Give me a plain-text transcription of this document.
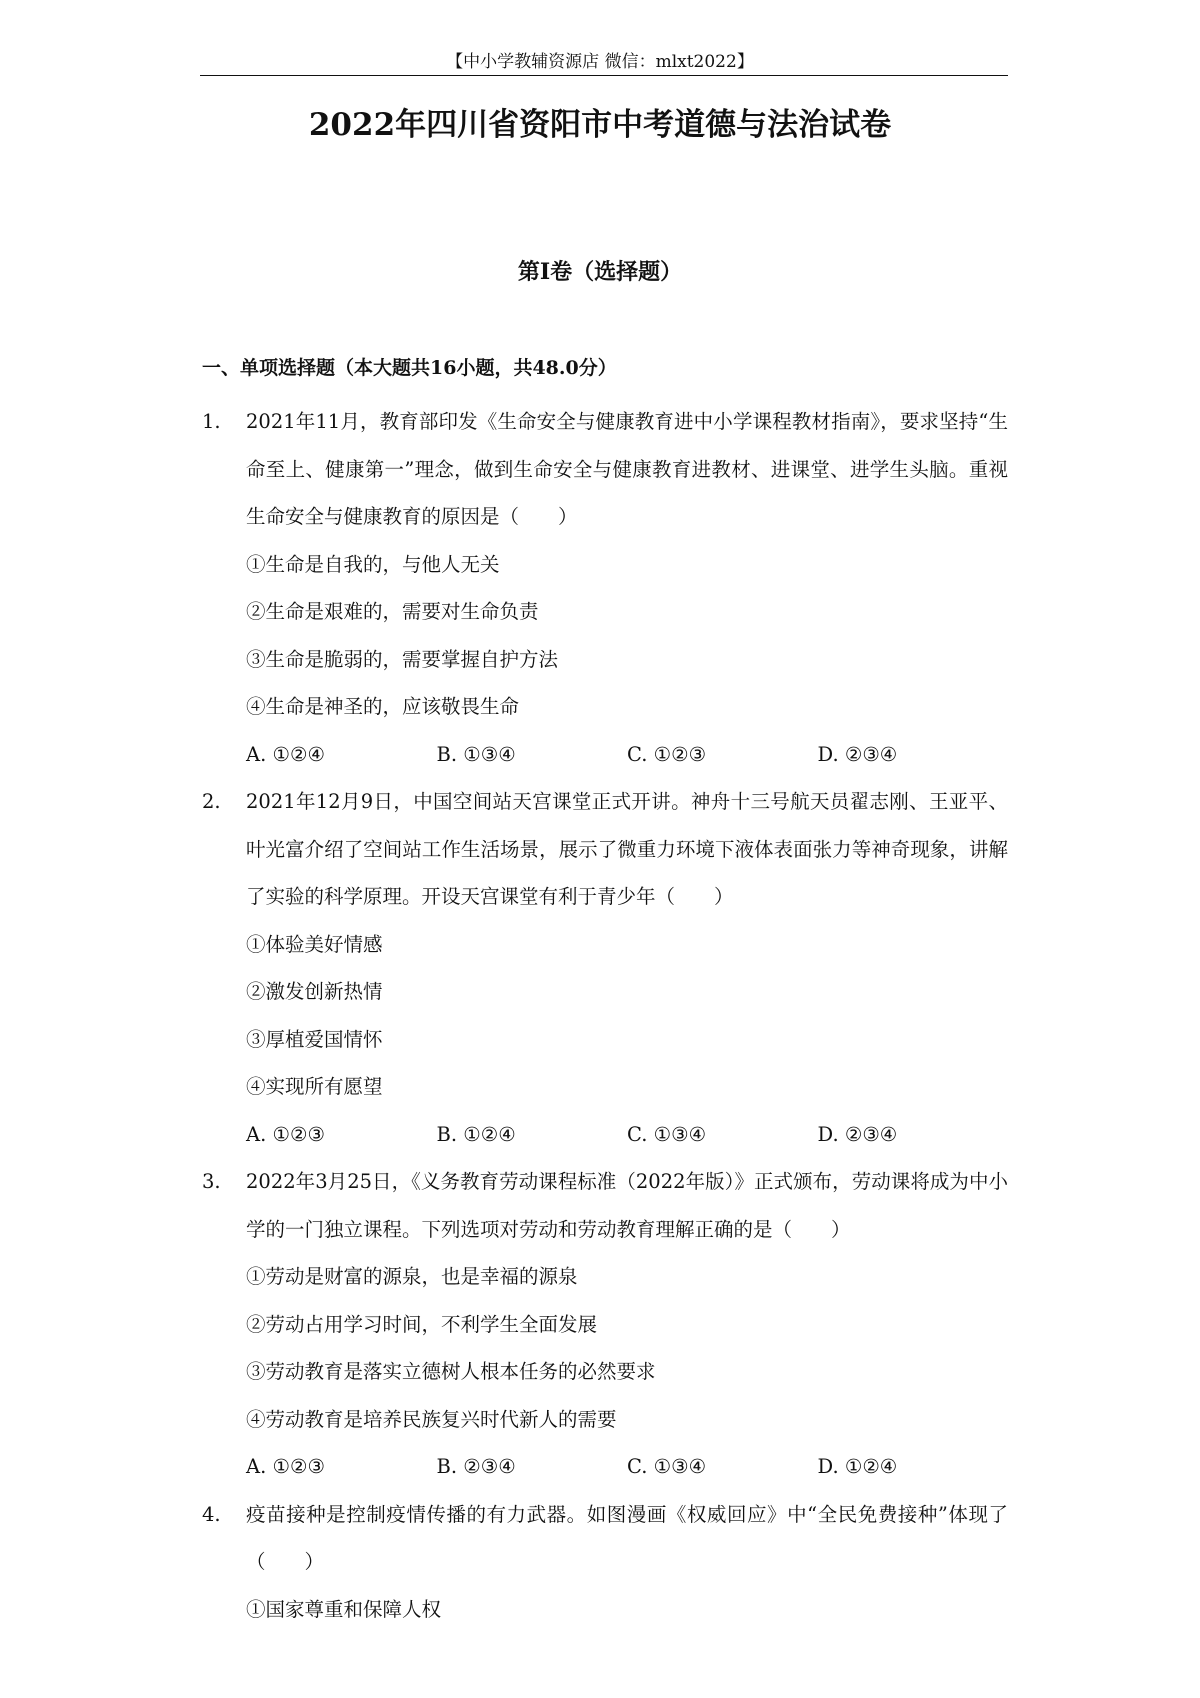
【中小学教辅资源店 微信：mlxt2022】
2022年四川省资阳市中考道德与法治试卷
第I卷（选择题）
一、单项选择题（本大题共16小题，共48.0分）
1. 2021年11月，教育部印发《生命安全与健康教育进中小学课程教材指南》，要求坚持“生命至上、健康第一”理念，做到生命安全与健康教育进教材、进课堂、进学生头脑。重视生命安全与健康教育的原因是（　　）
①生命是自我的，与他人无关
②生命是艰难的，需要对生命负责
③生命是脆弱的，需要掌握自护方法
④生命是神圣的，应该敬畏生命
A. ①②④	B. ①③④	C. ①②③	D. ②③④
2. 2021年12月9日，中国空间站天宫课堂正式开讲。神舟十三号航天员翟志刚、王亚平、叶光富介绍了空间站工作生活场景，展示了微重力环境下液体表面张力等神奇现象，讲解了实验的科学原理。开设天宫课堂有利于青少年（　　）
①体验美好情感
②激发创新热情
③厚植爱国情怀
④实现所有愿望
A. ①②③	B. ①②④	C. ①③④	D. ②③④
3. 2022年3月25日，《义务教育劳动课程标准（2022年版）》正式颁布，劳动课将成为中小学的一门独立课程。下列选项对劳动和劳动教育理解正确的是（　　）
①劳动是财富的源泉，也是幸福的源泉
②劳动占用学习时间，不利学生全面发展
③劳动教育是落实立德树人根本任务的必然要求
④劳动教育是培养民族复兴时代新人的需要
A. ①②③	B. ②③④	C. ①③④	D. ①②④
4. 疫苗接种是控制疫情传播的有力武器。如图漫画《权威回应》中“全民免费接种”体现了（　　）
①国家尊重和保障人权
